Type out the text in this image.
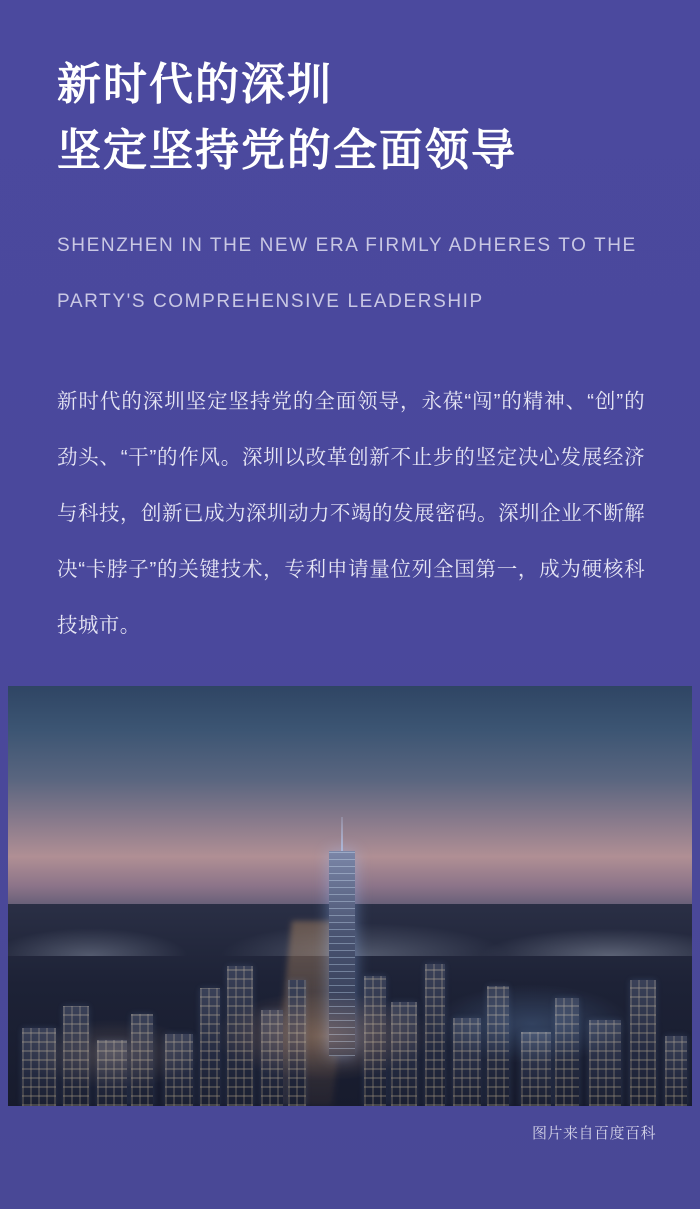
新时代的深圳
坚定坚持党的全面领导
SHENZHEN IN THE NEW ERA FIRMLY ADHERES TO THE
PARTY'S COMPREHENSIVE LEADERSHIP

新时代的深圳坚定坚持党的全面领导，永葆“闯”的精神、“创”的劲头、“干”的作风。深圳以改革创新不止步的坚定决心发展经济与科技，创新已成为深圳动力不竭的发展密码。深圳企业不断解决“卡脖子”的关键技术，专利申请量位列全国第一，成为硬核科技城市。

图片来自百度百科
